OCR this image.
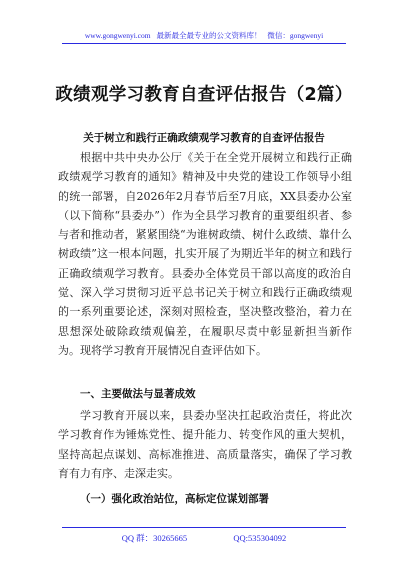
www.gongwenyi.com 最新最全最专业的公文资料库！ 微信：gongwenyi
政绩观学习教育自查评估报告（2篇）
关于树立和践行正确政绩观学习教育的自查评估报告
根据中共中央办公厅《关于在全党开展树立和践行正确政绩观学习教育的通知》精神及中央党的建设工作领导小组的统一部署，自2026年2月春节后至7月底，XX县委办公室（以下简称“县委办”）作为全县学习教育的重要组织者、参与者和推动者，紧紧围绕“为谁树政绩、树什么政绩、靠什么树政绩”这一根本问题，扎实开展了为期近半年的树立和践行正确政绩观学习教育。县委办全体党员干部以高度的政治自觉、深入学习贯彻习近平总书记关于树立和践行正确政绩观的一系列重要论述，深刻对照检查，坚决整改整治，着力在思想深处破除政绩观偏差，在履职尽责中彰显新担当新作为。现将学习教育开展情况自查评估如下。
一、主要做法与显著成效
学习教育开展以来，县委办坚决扛起政治责任，将此次学习教育作为锤炼党性、提升能力、转变作风的重大契机，坚持高起点谋划、高标准推进、高质量落实，确保了学习教育有力有序、走深走实。
（一）强化政治站位，高标定位谋划部署
QQ 群：30265665	QQ:535304092
